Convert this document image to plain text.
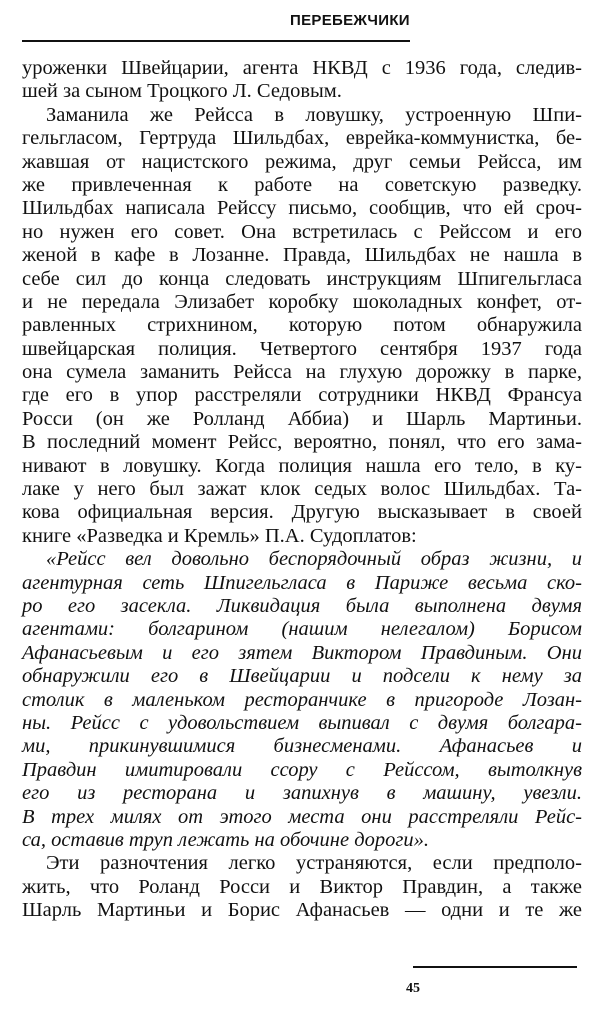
ПЕРЕБЕЖЧИКИ
уроженки Швейцарии, агента НКВД с 1936 года, следив-
шей за сыном Троцкого Л. Седовым.
Заманила же Рейсса в ловушку, устроенную Шпи-
гельгласом, Гертруда Шильдбах, еврейка-коммунистка, бе-
жавшая от нацистского режима, друг семьи Рейсса, им
же привлеченная к работе на советскую разведку.
Шильдбах написала Рейссу письмо, сообщив, что ей сроч-
но нужен его совет. Она встретилась с Рейссом и его
женой в кафе в Лозанне. Правда, Шильдбах не нашла в
себе сил до конца следовать инструкциям Шпигельгласа
и не передала Элизабет коробку шоколадных конфет, от-
равленных стрихнином, которую потом обнаружила
швейцарская полиция. Четвертого сентября 1937 года
она сумела заманить Рейсса на глухую дорожку в парке,
где его в упор расстреляли сотрудники НКВД Франсуа
Росси (он же Ролланд Аббиа) и Шарль Мартиньи.
В последний момент Рейсс, вероятно, понял, что его зама-
нивают в ловушку. Когда полиция нашла его тело, в ку-
лаке у него был зажат клок седых волос Шильдбах. Та-
кова официальная версия. Другую высказывает в своей
книге «Разведка и Кремль» П.А. Судоплатов:
«Рейсс вел довольно беспорядочный образ жизни, и
агентурная сеть Шпигельгласа в Париже весьма ско-
ро его засекла. Ликвидация была выполнена двумя
агентами: болгарином (нашим нелегалом) Борисом
Афанасьевым и его зятем Виктором Правдиным. Они
обнаружили его в Швейцарии и подсели к нему за
столик в маленьком ресторанчике в пригороде Лозан-
ны. Рейсс с удовольствием выпивал с двумя болгара-
ми, прикинувшимися бизнесменами. Афанасьев и
Правдин имитировали ссору с Рейссом, вытолкнув
его из ресторана и запихнув в машину, увезли.
В трех милях от этого места они расстреляли Рейс-
са, оставив труп лежать на обочине дороги».
Эти разночтения легко устраняются, если предполо-
жить, что Роланд Росси и Виктор Правдин, а также
Шарль Мартиньи и Борис Афанасьев — одни и те же
45
